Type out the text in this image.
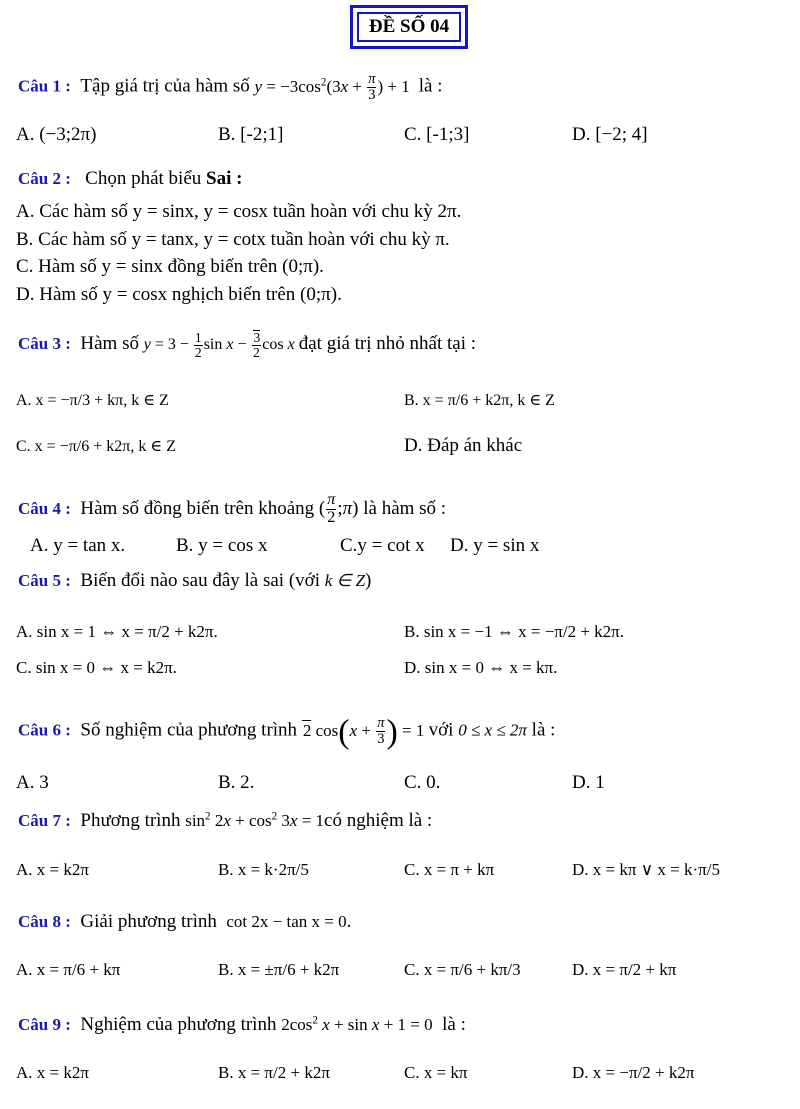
ĐỀ SỐ 04
Câu 1 : Tập giá trị của hàm số $y = -3\cos^2(3x + \frac{\pi}{3}$ ) + 1  là :
A. (−3;2π)	B. [-2;1]	C. [-1;3]	D. [−2; 4]
Câu 2 : Chọn phát biểu Sai :
A. Các hàm số y = sinx, y = cosx tuần hoàn với chu kỳ 2π.
B. Các hàm số y = tanx, y = cotx tuần hoàn với chu kỳ π.
C. Hàm số y = sinx đồng biến trên (0;π).
D. Hàm số y = cosx nghịch biến trên (0;π).
Câu 3 : Hàm số $y = 3 - \frac{1}{2}$ $\sin x - \frac{3}{2}$ cos x đạt giá trị nhỏ nhất tại :
A. x = −π/3 + kπ, k ∈ Z	B. x = π/6 + k2π, k ∈ Z
C. x = −π/6 + k2π, k ∈ Z	D. Đáp án khác
Câu 4 : Hàm số đồng biến trên khoảng ( $\frac{\pi}{2}$ ;π) là hàm số :
A. y = tan x.	B. y = cos x	C.y = cot x D. y = sin x
Câu 5 : Biến đổi nào sau đây là sai (với k ∈ Z)
A. sin x = 1 ⇔ x = π/2 + k2π.	B. sin x = −1 ⇔ x = −π/2 + k2π.
C. sin x = 0 ⇔ x = k2π.	D. sin x = 0 ⇔ x = kπ.
Câu 6 : Số nghiệm của phương trình 2 $\cos(x + \frac{\pi}{3}$ ) = 1 với 0 ≤ x ≤ 2π là :
A. 3	B. 2.	C. 0.	D. 1
Câu 7 : Phương trình $\sin^2 2x + \cos^2 3x$ = 1có nghiệm là :
A. x = k2π	B. x = k·2π/5	C. x = π + kπ	D. x = kπ ∨ x = k·π/5
Câu 8 : Giải phương trình cot 2x − tan x = 0.
A. x = π/6 + kπ	B. x = ±π/6 + k2π	C. x = π/6 + kπ/3	D. x = π/2 + kπ
Câu 9 : Nghiệm của phương trình $2\cos^2$ x + sin x + 1 = 0 là :
A. x = k2π	B. x = π/2 + k2π	C. x = kπ	D. x = −π/2 + k2π
